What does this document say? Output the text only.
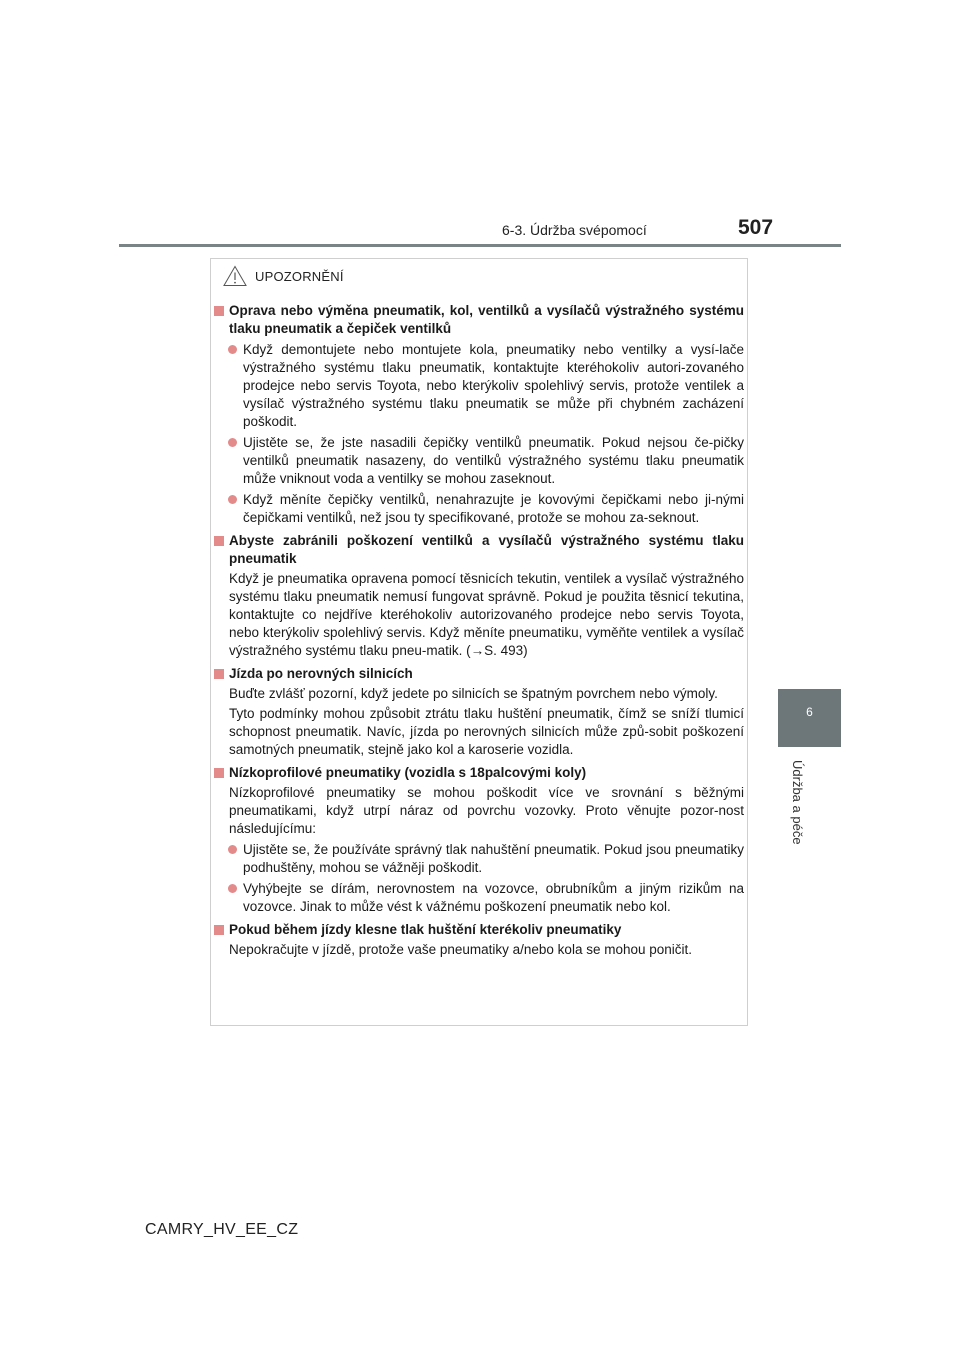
6-3. Údržba svépomocí	507
6
Údržba a péče
UPOZORNĚNÍ
Oprava nebo výměna pneumatik, kol, ventilků a vysílačů výstražného systému tlaku pneumatik a čepiček ventilků
Když demontujete nebo montujete kola, pneumatiky nebo ventilky a vysí-lače výstražného systému tlaku pneumatik, kontaktujte kteréhokoliv autori-zovaného prodejce nebo servis Toyota, nebo kterýkoliv spolehlivý servis, protože ventilek a vysílač výstražného systému tlaku pneumatik se může při chybném zacházení poškodit.
Ujistěte se, že jste nasadili čepičky ventilků pneumatik. Pokud nejsou če-pičky ventilků pneumatik nasazeny, do ventilků výstražného systému tlaku pneumatik může vniknout voda a ventilky se mohou zaseknout.
Když měníte čepičky ventilků, nenahrazujte je kovovými čepičkami nebo ji-nými čepičkami ventilků, než jsou ty specifikované, protože se mohou za-seknout.
Abyste zabránili poškození ventilků a vysílačů výstražného systému tlaku pneumatik
Když je pneumatika opravena pomocí těsnicích tekutin, ventilek a vysílač výstražného systému tlaku pneumatik nemusí fungovat správně. Pokud je použita těsnicí tekutina, kontaktujte co nejdříve kteréhokoliv autorizovaného prodejce nebo servis Toyota, nebo kterýkoliv spolehlivý servis. Když měníte pneumatiku, vyměňte ventilek a vysílač výstražného systému tlaku pneu-matik. (→S. 493)
Jízda po nerovných silnicích
Buďte zvlášť pozorní, když jedete po silnicích se špatným povrchem nebo výmoly.
Tyto podmínky mohou způsobit ztrátu tlaku huštění pneumatik, čímž se sníží tlumicí schopnost pneumatik. Navíc, jízda po nerovných silnicích může způ-sobit poškození samotných pneumatik, stejně jako kol a karoserie vozidla.
Nízkoprofilové pneumatiky (vozidla s 18palcovými koly)
Nízkoprofilové pneumatiky se mohou poškodit více ve srovnání s běžnými pneumatikami, když utrpí náraz od povrchu vozovky. Proto věnujte pozor-nost následujícímu:
Ujistěte se, že používáte správný tlak nahuštění pneumatik. Pokud jsou pneumatiky podhuštěny, mohou se vážněji poškodit.
Vyhýbejte se dírám, nerovnostem na vozovce, obrubníkům a jiným rizikům na vozovce. Jinak to může vést k vážnému poškození pneumatik nebo kol.
Pokud během jízdy klesne tlak huštění kterékoliv pneumatiky
Nepokračujte v jízdě, protože vaše pneumatiky a/nebo kola se mohou poničit.
CAMRY_HV_EE_CZ
